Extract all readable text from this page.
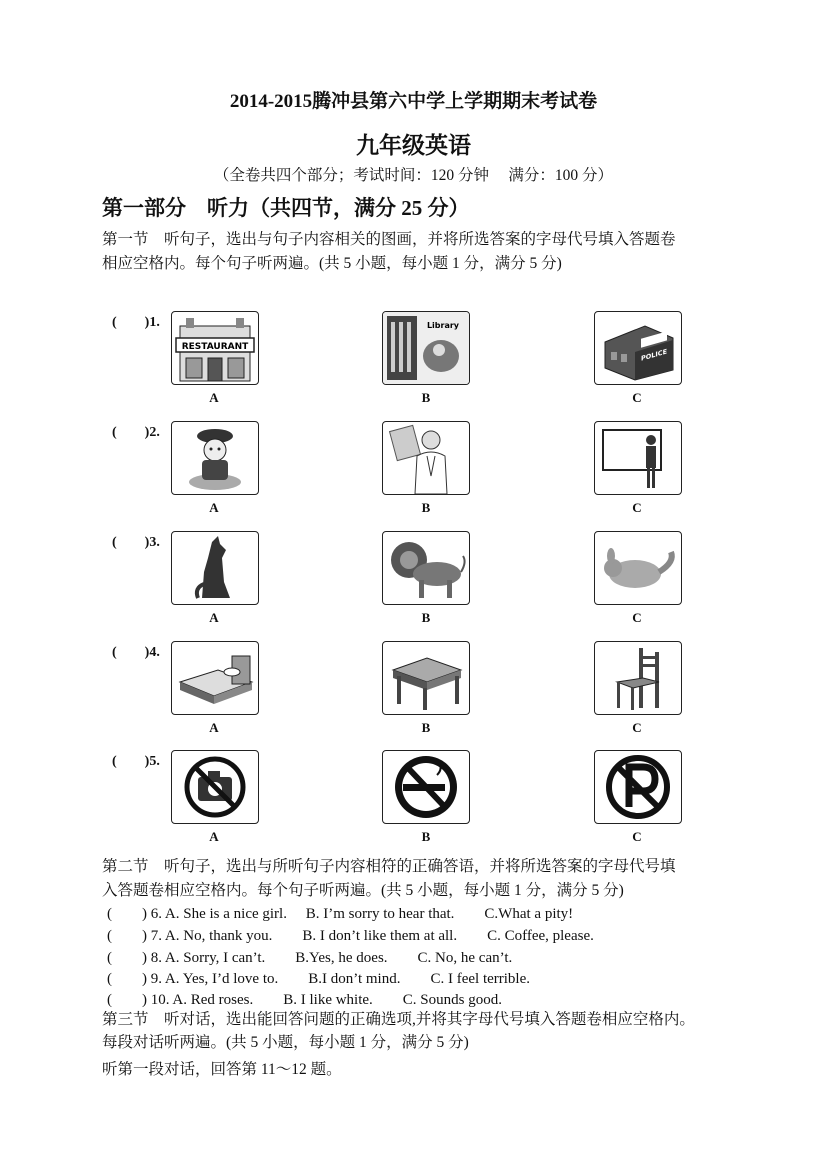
2014-2015腾冲县第六中学上学期期末考试卷
九年级英语
（全卷共四个部分；考试时间：120 分钟 　满分：100 分）
第一部分　听力（共四节，满分 25 分）
第一节　听句子，选出与句子内容相关的图画，并将所选答案的字母代号填入答题卷
相应空格内。每个句子听两遍。(共 5 小题，每小题 1 分，满分 5 分)
(　　)1.
RESTAURANT
Library
POLICE
A	B	C
(　　)2.
A	B	C
(　　)3.
A	B	C
(　　)4.
A	B	C
(　　)5.
A	B	C
第二节　听句子，选出与所听句子内容相符的正确答语，并将所选答案的字母代号填
入答题卷相应空格内。每个句子听两遍。(共 5 小题，每小题 1 分，满分 5 分)
(　　) 6. A. She is a nice girl.　 B. I’m sorry to hear that.　　C.What a pity!
(　　) 7. A. No, thank you.　　B. I don’t like them at all.　　C. Coffee, please.
(　　) 8. A. Sorry, I can’t.　　B.Yes, he does.　　C. No, he can’t.
(　　) 9. A. Yes, I’d love to.　　B.I don’t mind.　　C. I feel terrible.
(　　) 10. A. Red roses.　　B. I like white.　　C. Sounds good.
第三节　听对话，选出能回答问题的正确选项,并将其字母代号填入答题卷相应空格内。
每段对话听两遍。(共 5 小题，每小题 1 分，满分 5 分)
听第一段对话，回答第 11～12 题。
